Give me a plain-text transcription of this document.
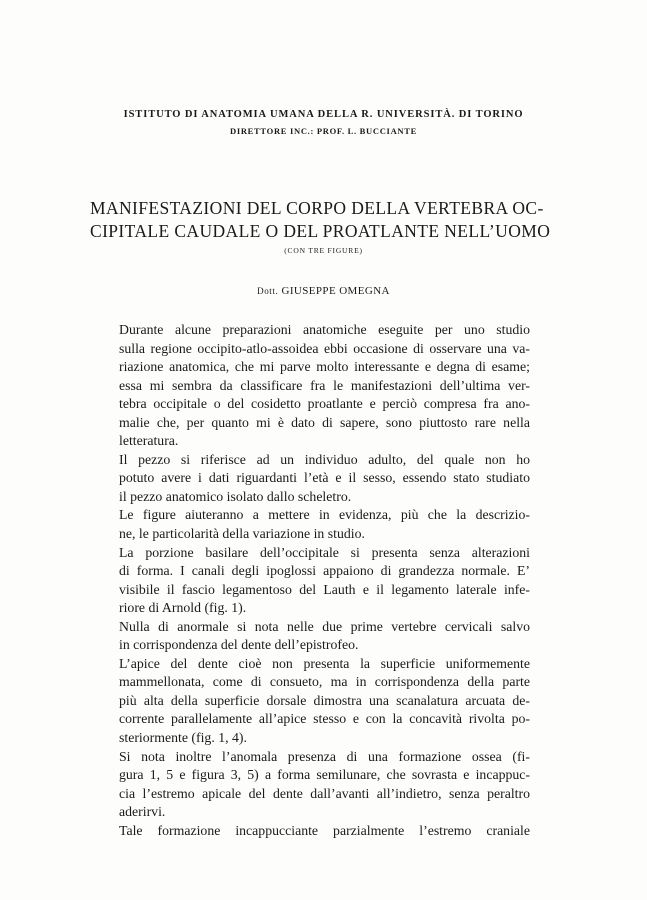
ISTITUTO DI ANATOMIA UMANA DELLA R. UNIVERSITÀ. DI TORINO

DIRETTORE INC.: PROF. L. BUCCIANTE

MANIFESTAZIONI DEL CORPO DELLA VERTEBRA OC-
CIPITALE CAUDALE O DEL PROATLANTE NELL’UOMO

(CON TRE FIGURE)

Dott. GIUSEPPE OMEGNA

Durante alcune preparazioni anatomiche eseguite per uno studio
sulla regione occipito-atlo-assoidea ebbi occasione di osservare una va-
riazione anatomica, che mi parve molto interessante e degna di esame;
essa mi sembra da classificare fra le manifestazioni dell’ultima ver-
tebra occipitale o del cosidetto proatlante e perciò compresa fra ano-
malie che, per quanto mi è dato di sapere, sono piuttosto rare nella
letteratura.

Il pezzo si riferisce ad un individuo adulto, del quale non ho
potuto avere i dati riguardanti l’età e il sesso, essendo stato studiato
il pezzo anatomico isolato dallo scheletro.

Le figure aiuteranno a mettere in evidenza, più che la descrizio-
ne, le particolarità della variazione in studio.

La porzione basilare dell’occipitale si presenta senza alterazioni
di forma. I canali degli ipoglossi appaiono di grandezza normale. E’
visibile il fascio legamentoso del Lauth e il legamento laterale infe-
riore di Arnold (fig. 1).

Nulla di anormale si nota nelle due prime vertebre cervicali salvo
in corrispondenza del dente dell’epistrofeo.

L’apice del dente cioè non presenta la superficie uniformemente
mammellonata, come di consueto, ma in corrispondenza della parte
più alta della superficie dorsale dimostra una scanalatura arcuata de-
corrente parallelamente all’apice stesso e con la concavità rivolta po-
steriormente (fig. 1, 4).

Si nota inoltre l’anomala presenza di una formazione ossea (fi-
gura 1, 5 e figura 3, 5) a forma semilunare, che sovrasta e incappuc-
cia l’estremo apicale del dente dall’avanti all’indietro, senza peraltro
aderirvi.

Tale formazione incappucciante parzialmente l’estremo craniale
